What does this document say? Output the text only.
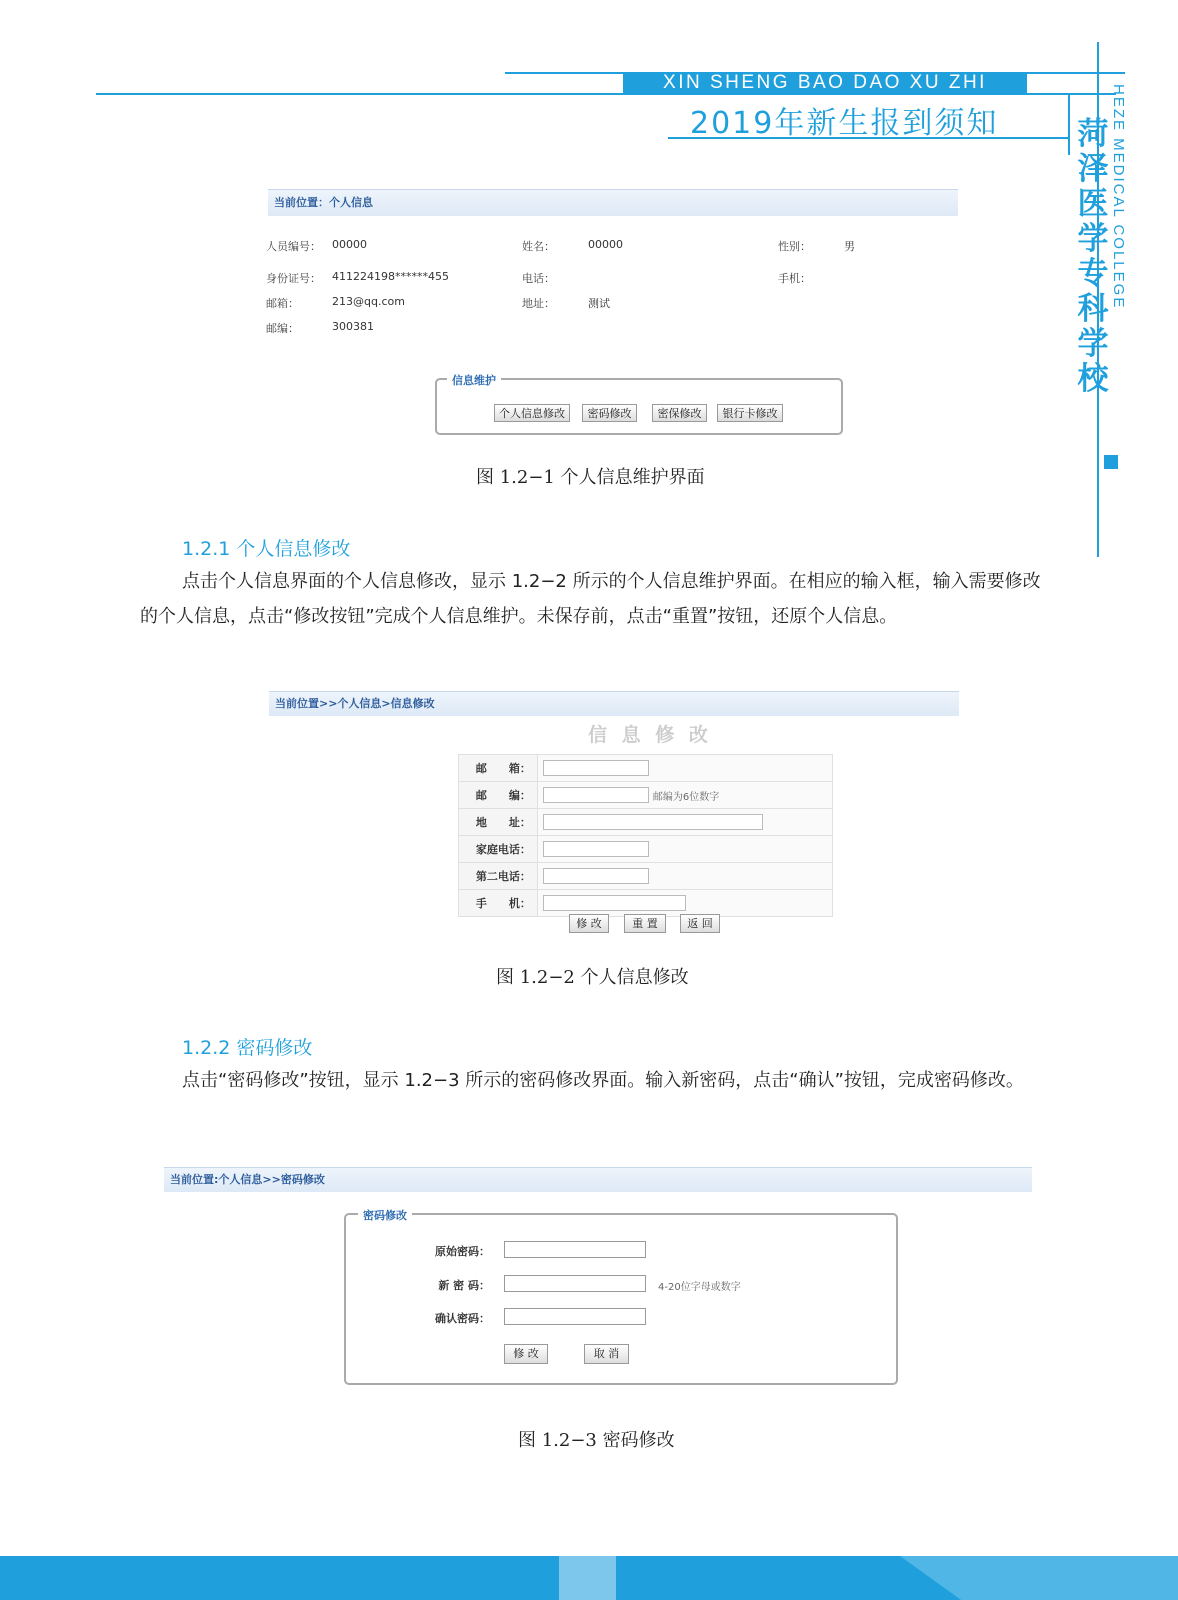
XIN SHENG BAO DAO XU ZHI
2019年新生报到须知	菏
泽
医
学
专
科
学
校
HEZE MEDICAL COLLEGE
当前位置：个人信息
人员编号： 00000	姓名：	00000	性别：	男
身份证号： 411224198******455	电话：	手机：
邮箱：	213@qq.com	地址：	测试
邮编：	300381
信息维护
个人信息修改	密码修改	密保修改	银行卡修改
图 1.2−1 个人信息维护界面
1.2.1 个人信息修改
点击个人信息界面的个人信息修改，显示 1.2−2 所示的个人信息维护界面。在相应的输入框，输入需要修改的个人信息，点击“修改按钮”完成个人信息维护。未保存前，点击“重置”按钮，还原个人信息。
当前位置>>个人信息>信息修改
信 息 修 改
邮　　箱：	
邮　　编：	邮编为6位数字
地　　址：	
家庭电话：	
第二电话：	
手　　机：	
修 改	重 置	返 回
图 1.2−2 个人信息修改
1.2.2 密码修改
点击“密码修改”按钮，显示 1.2−3 所示的密码修改界面。输入新密码，点击“确认”按钮，完成密码修改。
当前位置:个人信息>>密码修改
密码修改
原始密码：
新 密 码：	4-20位字母或数字
确认密码：
修 改	取 消
图 1.2−3 密码修改
